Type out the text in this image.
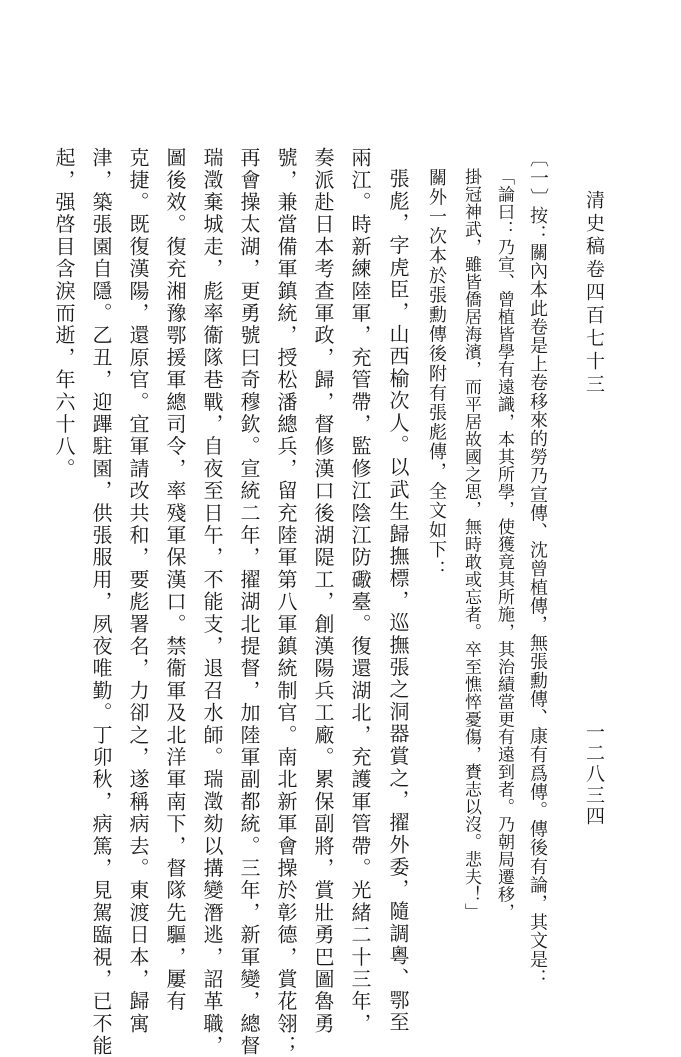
清史稿卷四百七十三
一二八三四
〔一〕
按：關內本此卷是上卷移來的勞乃宣傳、沈曾植傳，無張勳傳、康有爲傳。傳後有論，其文是：
「論曰：乃宣、曾植皆學有遠識，本其所學，使獲竟其所施，其治績當更有遠到者。乃朝局遷移，
掛冠神武，雖皆僑居海濱，而平居故國之思，無時敢或忘者。卒至憔悴憂傷，賚志以沒。悲夫！」
關外一次本於張勳傳後附有張彪傳，全文如下：
張彪，字虎臣，山西榆次人。以武生歸撫標，巡撫張之洞器賞之，擢外委，隨調粵、鄂至
兩江。時新練陸軍，充管帶，監修江陰江防礮臺。復還湖北，充護軍管帶。光緒二十三年，
奏派赴日本考查軍政，歸，督修漢口後湖隄工，創漢陽兵工廠。累保副將，賞壯勇巴圖魯勇
號，兼當備軍鎮統，授松潘總兵，留充陸軍第八軍鎮統制官。南北新軍會操於彰德，賞花翎；
再會操太湖，更勇號曰奇穆欽。宣統二年，擢湖北提督，加陸軍副都統。三年，新軍變，總督
瑞澂棄城走，彪率衞隊巷戰，自夜至日午，不能支，退召水師。瑞澂劾以搆變潛逃，詔革職，
圖後效。復充湘豫鄂援軍總司令，率殘軍保漢口。禁衞軍及北洋軍南下，督隊先驅，屢有
克捷。既復漢陽，還原官。宜軍請改共和，要彪署名，力卻之，遂稱病去。東渡日本，歸寓
津，築張園自隱。乙丑，迎蹕駐園，供張服用，夙夜唯勤。丁卯秋，病篤，見駕臨視，已不能
起，强啓目含淚而逝，年六十八。
